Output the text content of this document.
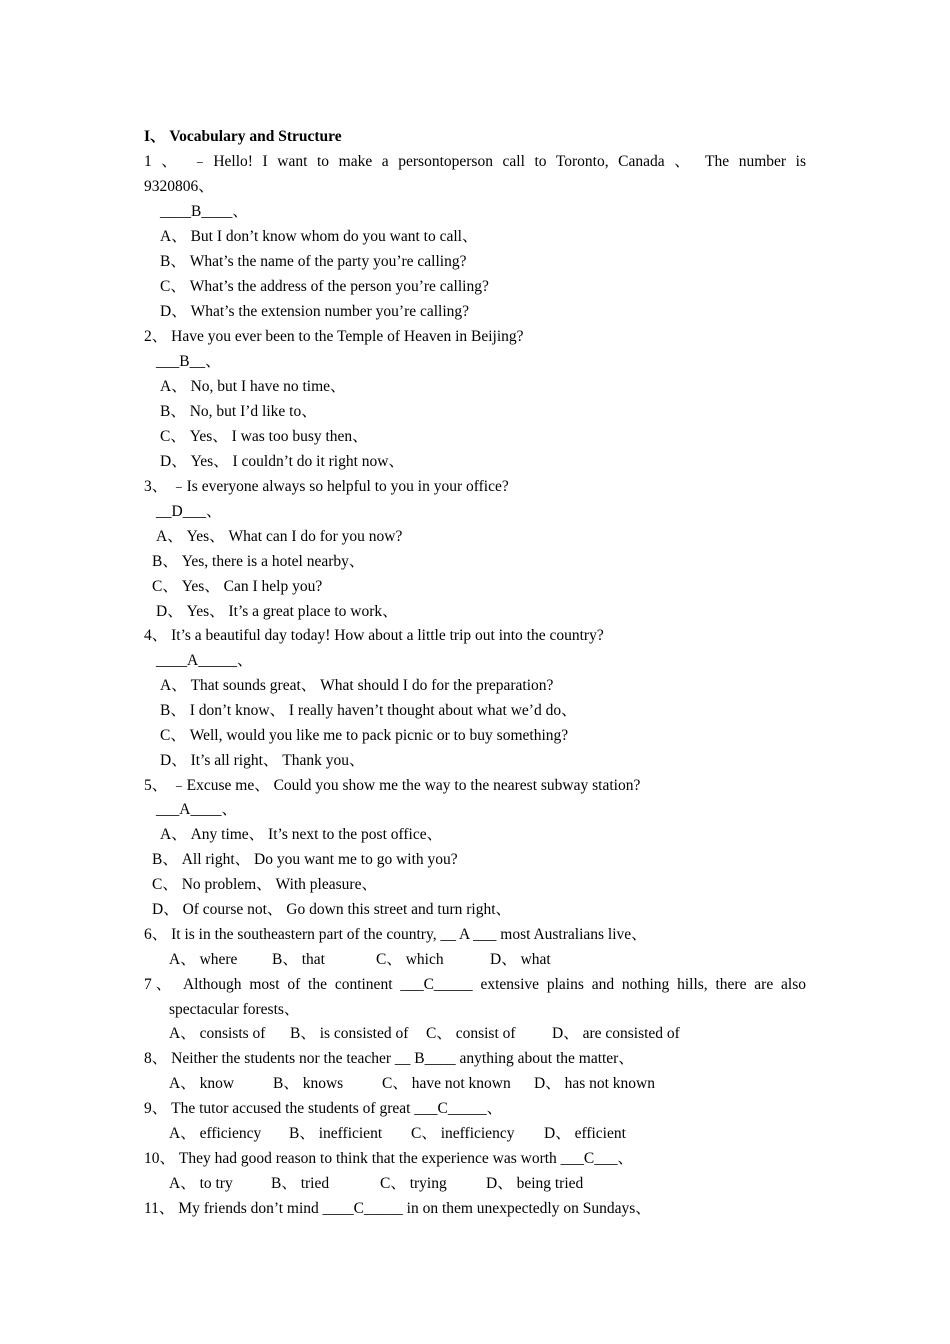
I、 Vocabulary and Structure
1 、 ﹣Hello! I want to make a persontoperson call to Toronto, Canada 、 The number is
9320806、
____B____、
A、 But I don’t know whom do you want to call、
B、 What’s the name of the party you’re calling?
C、 What’s the address of the person you’re calling?
D、 What’s the extension number you’re calling?
2、 Have you ever been to the Temple of Heaven in Beijing?
___B__、
A、 No, but I have no time、
B、 No, but I’d like to、
C、 Yes、 I was too busy then、
D、 Yes、 I couldn’t do it right now、
3、 ﹣Is everyone always so helpful to you in your office?
__D___、
A、 Yes、 What can I do for you now?
B、 Yes, there is a hotel nearby、
C、 Yes、 Can I help you?
D、 Yes、 It’s a great place to work、
4、 It’s a beautiful day today! How about a little trip out into the country?
____A_____、
A、 That sounds great、 What should I do for the preparation?
B、 I don’t know、 I really haven’t thought about what we’d do、
C、 Well, would you like me to pack picnic or to buy something?
D、 It’s all right、 Thank you、
5、 ﹣Excuse me、 Could you show me the way to the nearest subway station?
___A____、
A、 Any time、 It’s next to the post office、
B、 All right、 Do you want me to go with you?
C、 No problem、 With pleasure、
D、 Of course not、 Go down this street and turn right、
6、 It is in the southeastern part of the country, __ A ___ most Australians live、
A、 where B、 that	C、 which	D、 what
7、 Although most of the continent ___C_____ extensive plains and nothing hills, there are also
spectacular forests、
A、 consists of B、 is consisted of C、 consist of D、 are consisted of
8、 Neither the students nor the teacher __ B____ anything about the matter、
A、 know	B、 knows	C、 have not known D、 has not known
9、 The tutor accused the students of great ___C_____、
A、 efficiency B、 inefficient C、 inefficiency D、 efficient
10、 They had good reason to think that the experience was worth ___C___、
A、 to try B、 tried	C、 trying	D、 being tried
11、 My friends don’t mind ____C_____ in on them unexpectedly on Sundays、
